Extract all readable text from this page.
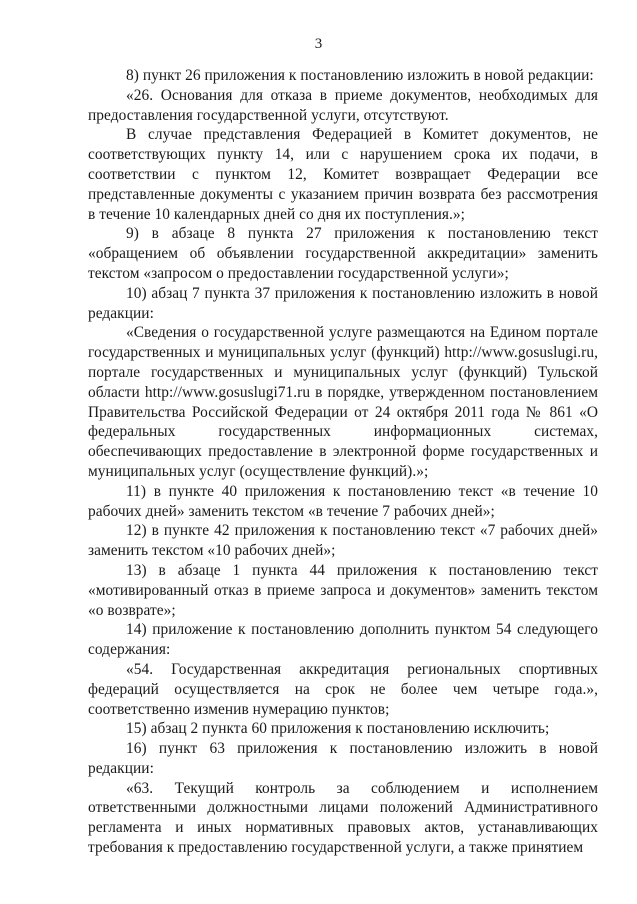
3

8) пункт 26 приложения к постановлению изложить в новой редакции:

«26. Основания для отказа в приеме документов, необходимых для предоставления государственной услуги, отсутствуют.

В случае представления Федерацией в Комитет документов, не соответствующих пункту 14, или с нарушением срока их подачи, в соответствии с пунктом 12, Комитет возвращает Федерации все представленные документы с указанием причин возврата без рассмотрения в течение 10 календарных дней со дня их поступления.»;

9) в абзаце 8 пункта 27 приложения к постановлению текст «обращением об объявлении государственной аккредитации» заменить текстом «запросом о предоставлении государственной услуги»;

10) абзац 7 пункта 37 приложения к постановлению изложить в новой редакции:

«Сведения о государственной услуге размещаются на Едином портале государственных и муниципальных услуг (функций) http://www.gosuslugi.ru, портале государственных и муниципальных услуг (функций) Тульской области http://www.gosuslugi71.ru в порядке, утвержденном постановлением Правительства Российской Федерации от 24 октября 2011 года № 861 «О федеральных государственных информационных системах, обеспечивающих предоставление в электронной форме государственных и муниципальных услуг (осуществление функций).»;

11) в пункте 40 приложения к постановлению текст «в течение 10 рабочих дней» заменить текстом «в течение 7 рабочих дней»;

12) в пункте 42 приложения к постановлению текст «7 рабочих дней» заменить текстом «10 рабочих дней»;

13) в абзаце 1 пункта 44 приложения к постановлению текст «мотивированный отказ в приеме запроса и документов» заменить текстом «о возврате»;

14) приложение к постановлению дополнить пунктом 54 следующего содержания:

«54. Государственная аккредитация региональных спортивных федераций осуществляется на срок не более чем четыре года.», соответственно изменив нумерацию пунктов;

15) абзац 2 пункта 60 приложения к постановлению исключить;

16) пункт 63 приложения к постановлению изложить в новой редакции:

«63. Текущий контроль за соблюдением и исполнением ответственными должностными лицами положений Административного регламента и иных нормативных правовых актов, устанавливающих требования к предоставлению государственной услуги, а также принятием
